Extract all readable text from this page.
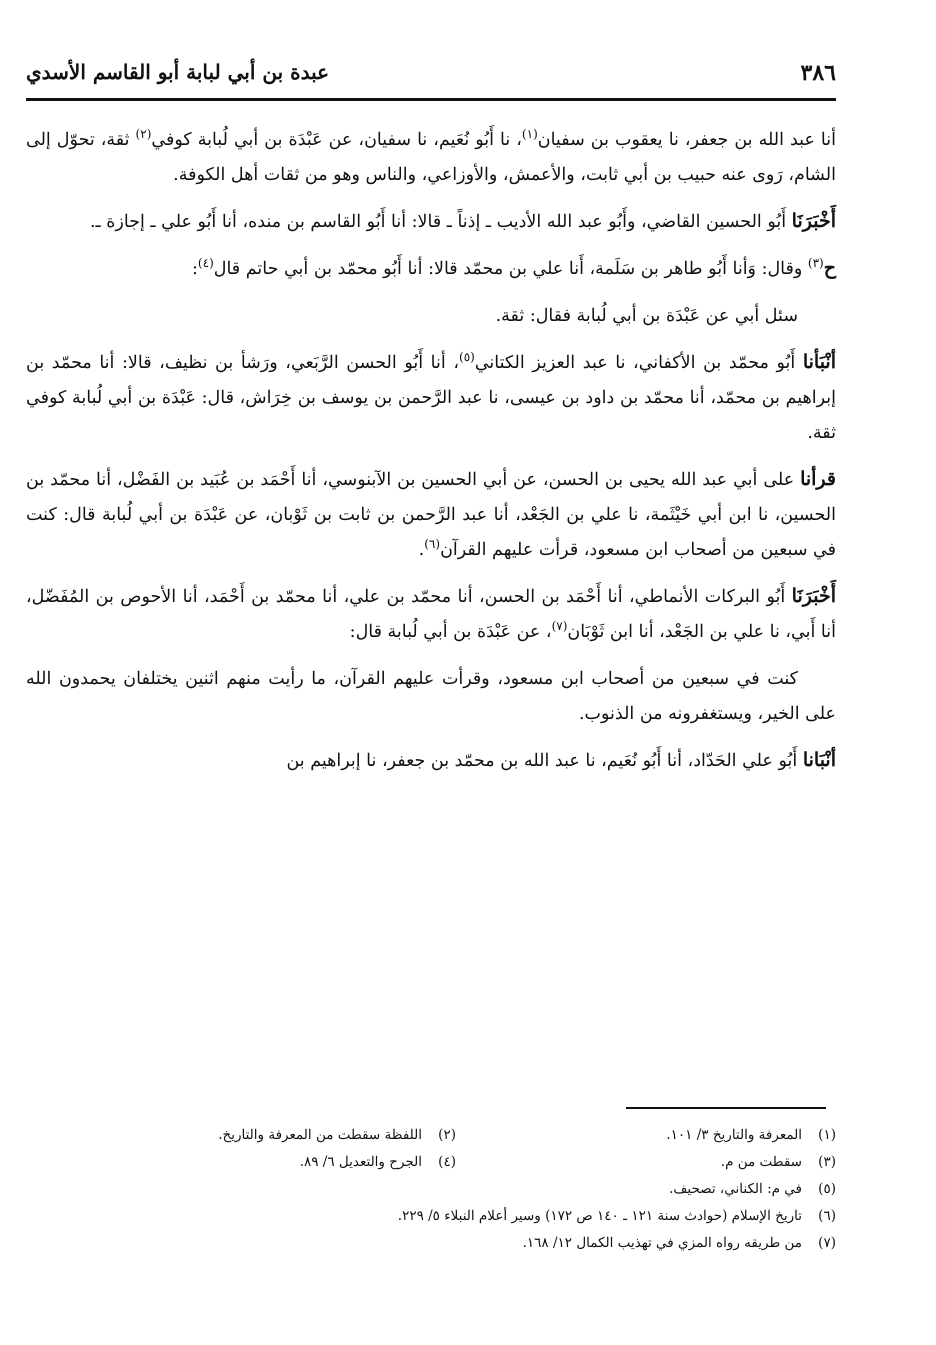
٣٨٦
عبدة بن أبي لبابة أبو القاسم الأسدي

أنا عبد الله بن جعفر، نا يعقوب بن سفيان$^{(١)}$، نا أَبُو نُعَيم، نا سفيان، عن عَبْدَة بن أبي لُبابة كوفي$^{(٢)}$ ثقة، تحوّل إلى الشام، رَوى عنه حبيب بن أبي ثابت، والأعمش، والأوزاعي، والناس وهو من ثقات أهل الكوفة.

أَخْبَرَنَا أَبُو الحسين القاضي، وأَبُو عبد الله الأديب ـ إذناً ـ قالا: أنا أَبُو القاسم بن منده، أنا أَبُو علي ـ إجازة ـ.

ح$^{(٣)}$ وقال: وَأنا أَبُو طاهر بن سَلَمة، أَنا علي بن محمّد قالا: أنا أَبُو محمّد بن أبي حاتم قال$^{(٤)}$:

سئل أبي عن عَبْدَة بن أبي لُبابة فقال: ثقة.

أنْبَأنا أَبُو محمّد بن الأكفاني، نا عبد العزيز الكتاني$^{(٥)}$، أنا أَبُو الحسن الرَّبَعي، ورَشأ بن نظيف، قالا: أنا محمّد بن إبراهيم بن محمّد، أنا محمّد بن داود بن عيسى، نا عبد الرَّحمن بن يوسف بن خِرَاش، قال: عَبْدَة بن أبي لُبابة كوفي ثقة.

قرأنا على أبي عبد الله يحيى بن الحسن، عن أبي الحسين بن الآبنوسي، أنا أَحْمَد بن عُبَيد بن الفَضْل، أنا محمّد بن الحسين، نا ابن أبي خَيْثَمة، نا علي بن الجَعْد، أنا عبد الرَّحمن بن ثابت بن ثَوْبان، عن عَبْدَة بن أبي لُبابة قال: كنت في سبعين من أصحاب ابن مسعود، قرأت عليهم القرآن$^{(٦)}$.

أَخْبَرَنَا أَبُو البركات الأنماطي، أنا أَحْمَد بن الحسن، أنا محمّد بن علي، أنا محمّد بن أَحْمَد، أنا الأحوص بن المُفَضّل، أنا أَبي، نا علي بن الجَعْد، أنا ابن ثَوْبَان$^{(٧)}$، عن عَبْدَة بن أبي لُبابة قال:

كنت في سبعين من أصحاب ابن مسعود، وقرأت عليهم القرآن، ما رأيت منهم اثنين يختلفان يحمدون الله على الخير، ويستغفرونه من الذنوب.

أنْبَانا أَبُو علي الحَدّاد، أنا أَبُو نُعَيم، نا عبد الله بن محمّد بن جعفر، نا إبراهيم بن

(١)المعرفة والتاريخ ٣/ ١٠١.
(٢)اللفظة سقطت من المعرفة والتاريخ.
(٣)سقطت من م.
(٤)الجرح والتعديل ٦/ ٨٩.
(٥)في م: الكناني، تصحيف.
(٦)تاريخ الإسلام (حوادث سنة ١٢١ ـ ١٤٠ ص ١٧٢) وسير أعلام النبلاء ٥/ ٢٢٩.
(٧)من طريقه رواه المزي في تهذيب الكمال ١٢/ ١٦٨.
